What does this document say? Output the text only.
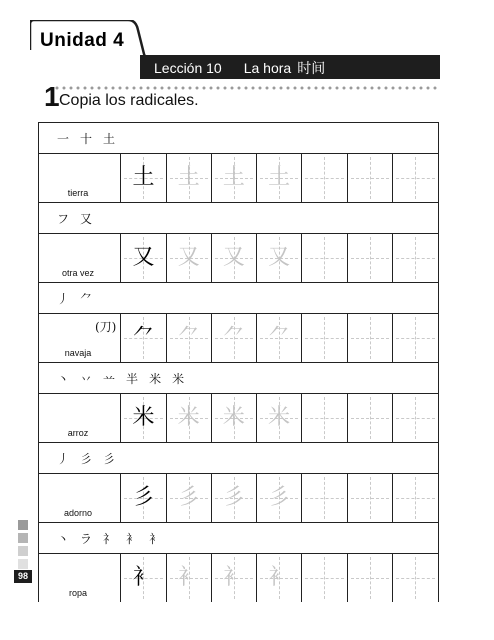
Unidad 4
Lección 10 La hora 时间
1 Copia los radicales.
一 十 土
tierra
土	土	土	土
フ 又
otra vez
又	又	又	又
丿 ⺈
(刀)
navaja
⺈	⺈	⺈	⺈
丶 丷 䒑 半 米 米
arroz
米	米	米	米
丿 彡 彡
adorno
彡	彡	彡	彡
丶 ラ 礻 衤 衤
ropa
衤	衤	衤	衤
98
